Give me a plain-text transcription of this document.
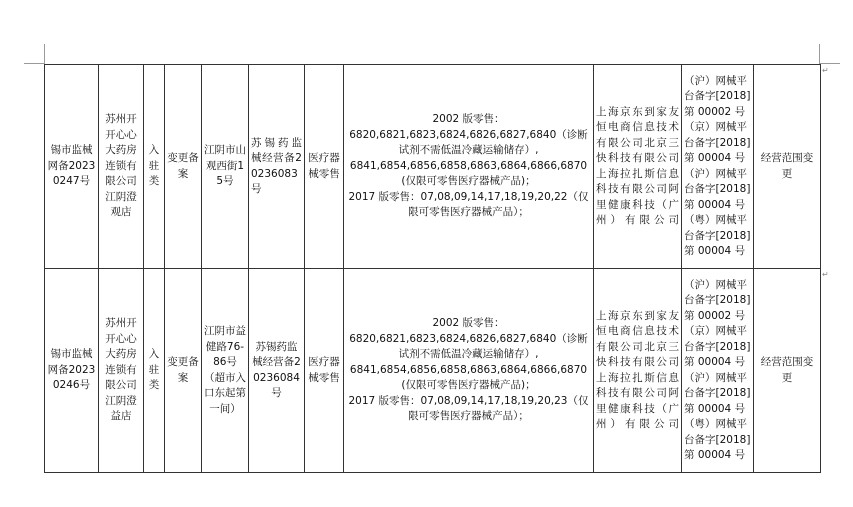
锡市监械网备20230247号	苏州开开心心大药房连锁有限公司江阴澄观店	入驻类	变更备案	江阴市山观西街15号	苏锡药监械经营备20236083号	医疗器械零售	2002 版零售：
6820,6821,6823,6824,6826,6827,6840（诊断试剂不需低温冷藏运输储存）,
6841,6854,6856,6858,6863,6864,6866,6870(仅限可零售医疗器械产品)；
2017 版零售：07,08,09,14,17,18,19,20,22（仅限可零售医疗器械产品）；	上海京东到家友恒电商信息技术有限公司北京三快科技有限公司上海拉扎斯信息科技有限公司阿里健康科技（广州）有限公司	（沪）网械平台备字[2018]第 00002 号（京）网械平台备字[2018]第 00004 号（沪）网械平台备字[2018]第 00004 号（粤）网械平台备字[2018]第 00004 号	经营范围变更
锡市监械网备20230246号	苏州开开心心大药房连锁有限公司江阴澄益店	入驻类	变更备案	江阴市益健路76-86号（超市入口东起第一间）	苏锡药监械经营备20236084号	医疗器械零售	2002 版零售：
6820,6821,6823,6824,6826,6827,6840（诊断试剂不需低温冷藏运输储存）,
6841,6854,6856,6858,6863,6864,6866,6870(仅限可零售医疗器械产品)；
2017 版零售：07,08,09,14,17,18,19,20,23（仅限可零售医疗器械产品）；	上海京东到家友恒电商信息技术有限公司北京三快科技有限公司上海拉扎斯信息科技有限公司阿里健康科技（广州）有限公司	（沪）网械平台备字[2018]第 00002 号（京）网械平台备字[2018]第 00004 号（沪）网械平台备字[2018]第 00004 号（粤）网械平台备字[2018]第 00004 号	经营范围变更
↵
↵
